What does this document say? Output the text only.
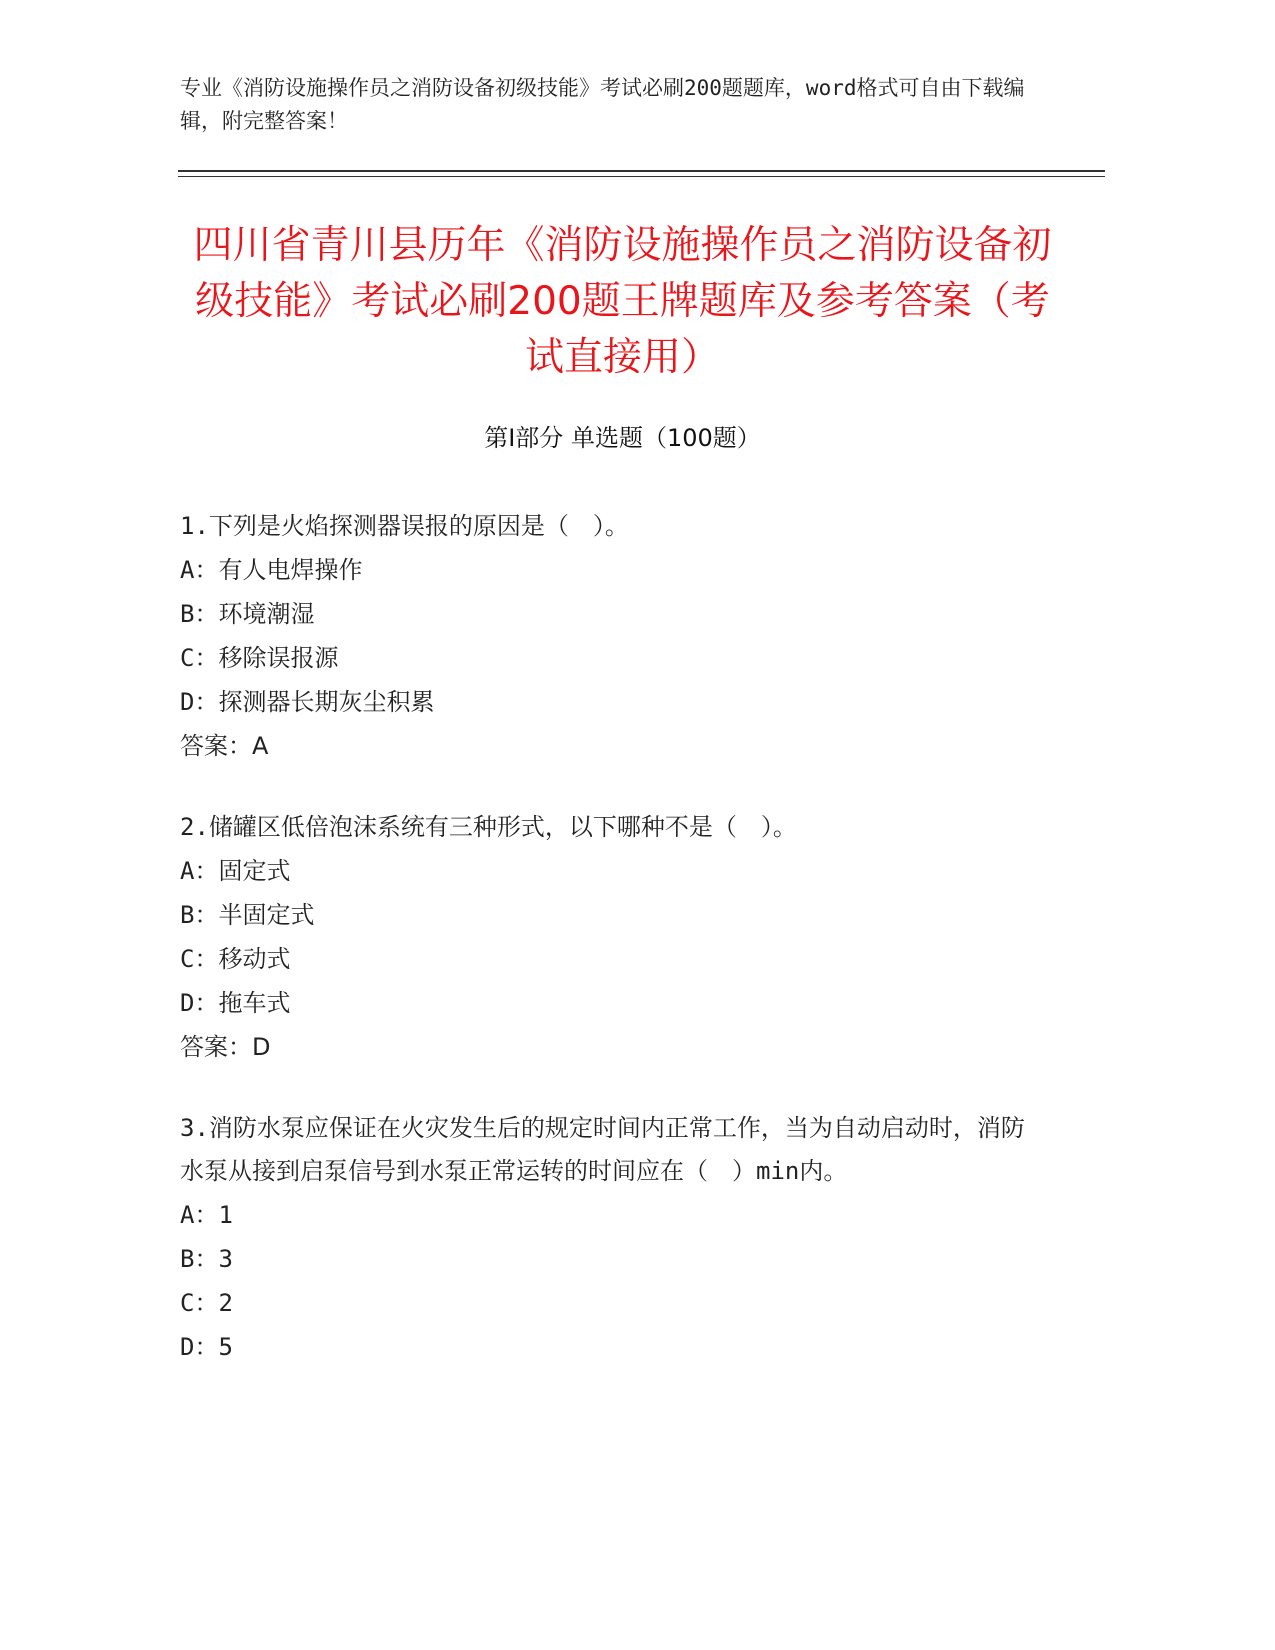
专业《消防设施操作员之消防设备初级技能》考试必刷200题题库，word格式可自由下载编辑，附完整答案！
四川省青川县历年《消防设施操作员之消防设备初级技能》考试必刷200题王牌题库及参考答案（考试直接用）
第Ⅰ部分 单选题（100题）
1.下列是火焰探测器误报的原因是（　）。
A：有人电焊操作
B：环境潮湿
C：移除误报源
D：探测器长期灰尘积累
答案：A
2.储罐区低倍泡沫系统有三种形式，以下哪种不是（　）。
A：固定式
B：半固定式
C：移动式
D：拖车式
答案：D
3.消防水泵应保证在火灾发生后的规定时间内正常工作，当为自动启动时，消防水泵从接到启泵信号到水泵正常运转的时间应在（　）min内。
A：1
B：3
C：2
D：5
